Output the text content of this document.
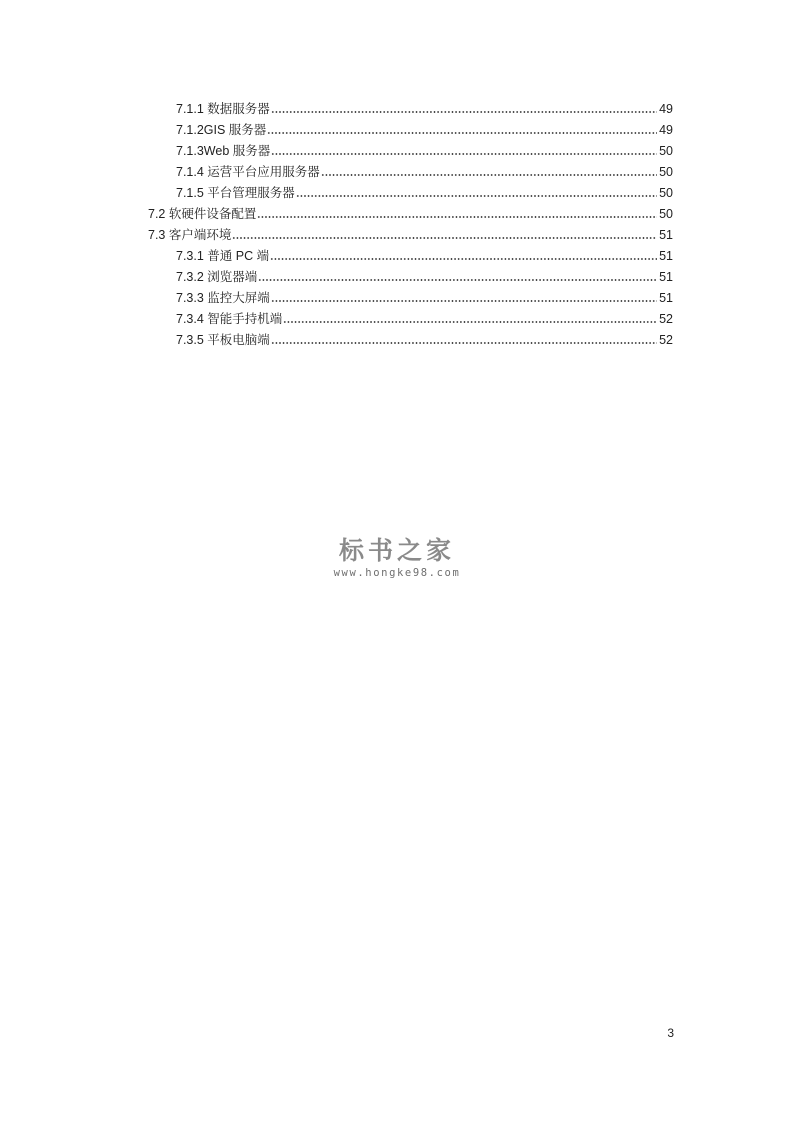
7.1.1 数据服务器	49
7.1.2GIS 服务器	49
7.1.3Web 服务器	50
7.1.4 运营平台应用服务器	50
7.1.5 平台管理服务器	50
7.2 软硬件设备配置	50
7.3 客户端环境	51
7.3.1 普通 PC 端	51
7.3.2 浏览器端	51
7.3.3 监控大屏端	51
7.3.4 智能手持机端	52
7.3.5 平板电脑端	52
标书之家
www.hongke98.com
3
